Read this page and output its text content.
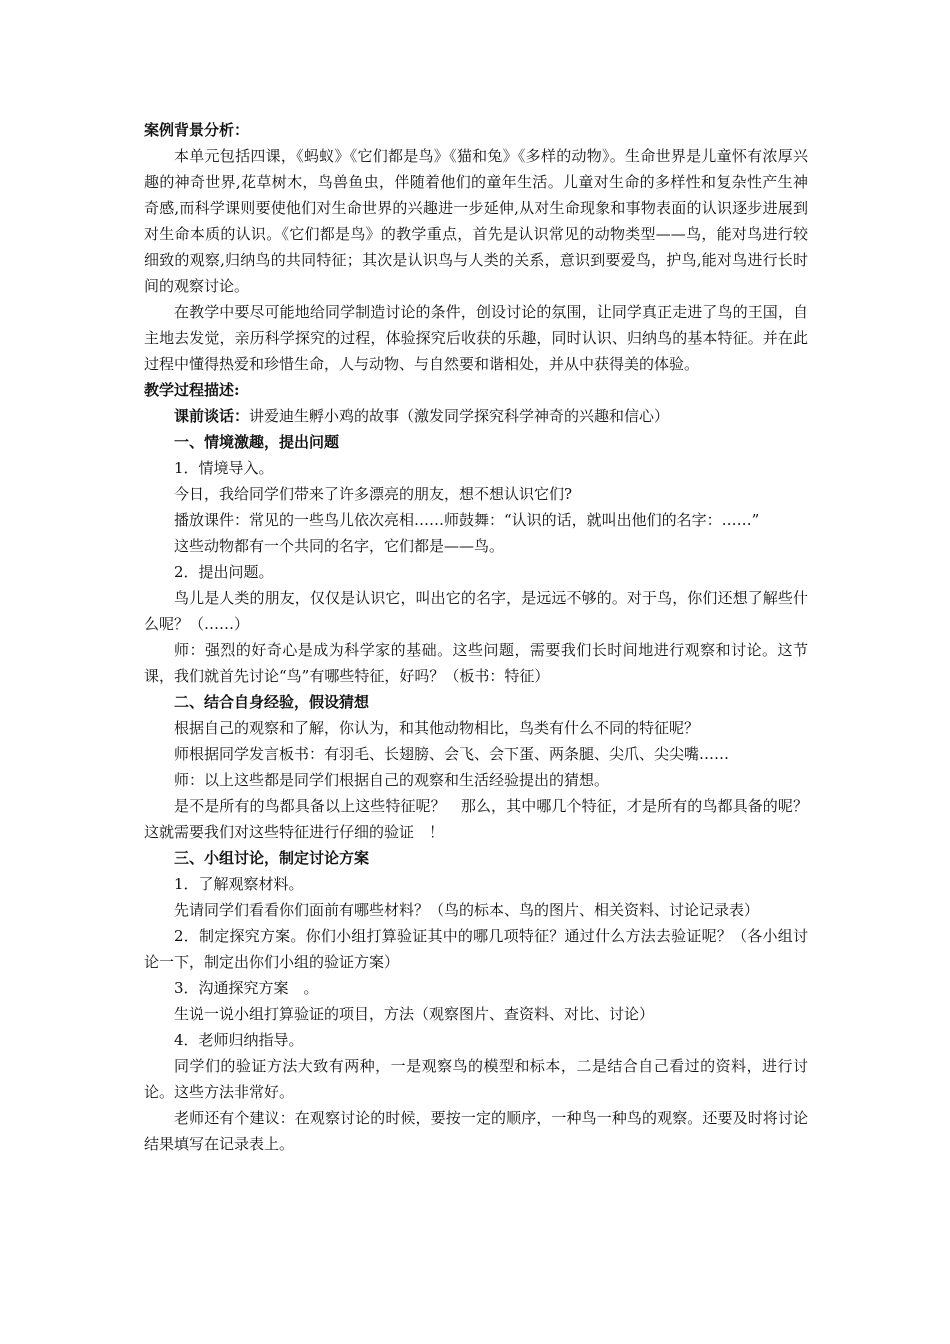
案例背景分析：

本单元包括四课，《蚂蚁》《它们都是鸟》《猫和兔》《多样的动物》。生命世界是儿童怀有浓厚兴趣的神奇世界,花草树木，鸟兽鱼虫，伴随着他们的童年生活。儿童对生命的多样性和复杂性产生神奇感,而科学课则要使他们对生命世界的兴趣进一步延伸,从对生命现象和事物表面的认识逐步进展到对生命本质的认识。《它们都是鸟》的教学重点，首先是认识常见的动物类型——鸟，能对鸟进行较细致的观察,归纳鸟的共同特征；其次是认识鸟与人类的关系，意识到要爱鸟，护鸟,能对鸟进行长时间的观察讨论。

在教学中要尽可能地给同学制造讨论的条件，创设讨论的氛围，让同学真正走进了鸟的王国，自主地去发觉，亲历科学探究的过程，体验探究后收获的乐趣，同时认识、归纳鸟的基本特征。并在此过程中懂得热爱和珍惜生命，人与动物、与自然要和谐相处，并从中获得美的体验。

教学过程描述:

课前谈话：讲爱迪生孵小鸡的故事（激发同学探究科学神奇的兴趣和信心）

一、情境激趣，提出问题

1．情境导入。

今日，我给同学们带来了许多漂亮的朋友，想不想认识它们?

播放课件：常见的一些鸟儿依次亮相……师鼓舞：“认识的话，就叫出他们的名字：……”

这些动物都有一个共同的名字，它们都是——鸟。

2．提出问题。

鸟儿是人类的朋友，仅仅是认识它，叫出它的名字，是远远不够的。对于鸟，你们还想了解些什么呢？（……）

师：强烈的好奇心是成为科学家的基础。这些问题，需要我们长时间地进行观察和讨论。这节课，我们就首先讨论“鸟”有哪些特征，好吗？（板书：特征）

二、结合自身经验，假设猜想

根据自己的观察和了解，你认为，和其他动物相比，鸟类有什么不同的特征呢？

师根据同学发言板书：有羽毛、长翅膀、会飞、会下蛋、两条腿、尖爪、尖尖嘴……

师：以上这些都是同学们根据自己的观察和生活经验提出的猜想。

是不是所有的鸟都具备以上这些特征呢？　那么，其中哪几个特征，才是所有的鸟都具备的呢？这就需要我们对这些特征进行仔细的验证　！

三、小组讨论，制定讨论方案

1．了解观察材料。

先请同学们看看你们面前有哪些材料？（鸟的标本、鸟的图片、相关资料、讨论记录表）

2．制定探究方案。你们小组打算验证其中的哪几项特征？通过什么方法去验证呢？（各小组讨论一下，制定出你们小组的验证方案）

3．沟通探究方案　。

生说一说小组打算验证的项目，方法（观察图片、查资料、对比、讨论）

4．老师归纳指导。

同学们的验证方法大致有两种，一是观察鸟的模型和标本，二是结合自己看过的资料，进行讨论。这些方法非常好。

老师还有个建议：在观察讨论的时候，要按一定的顺序，一种鸟一种鸟的观察。还要及时将讨论结果填写在记录表上。
